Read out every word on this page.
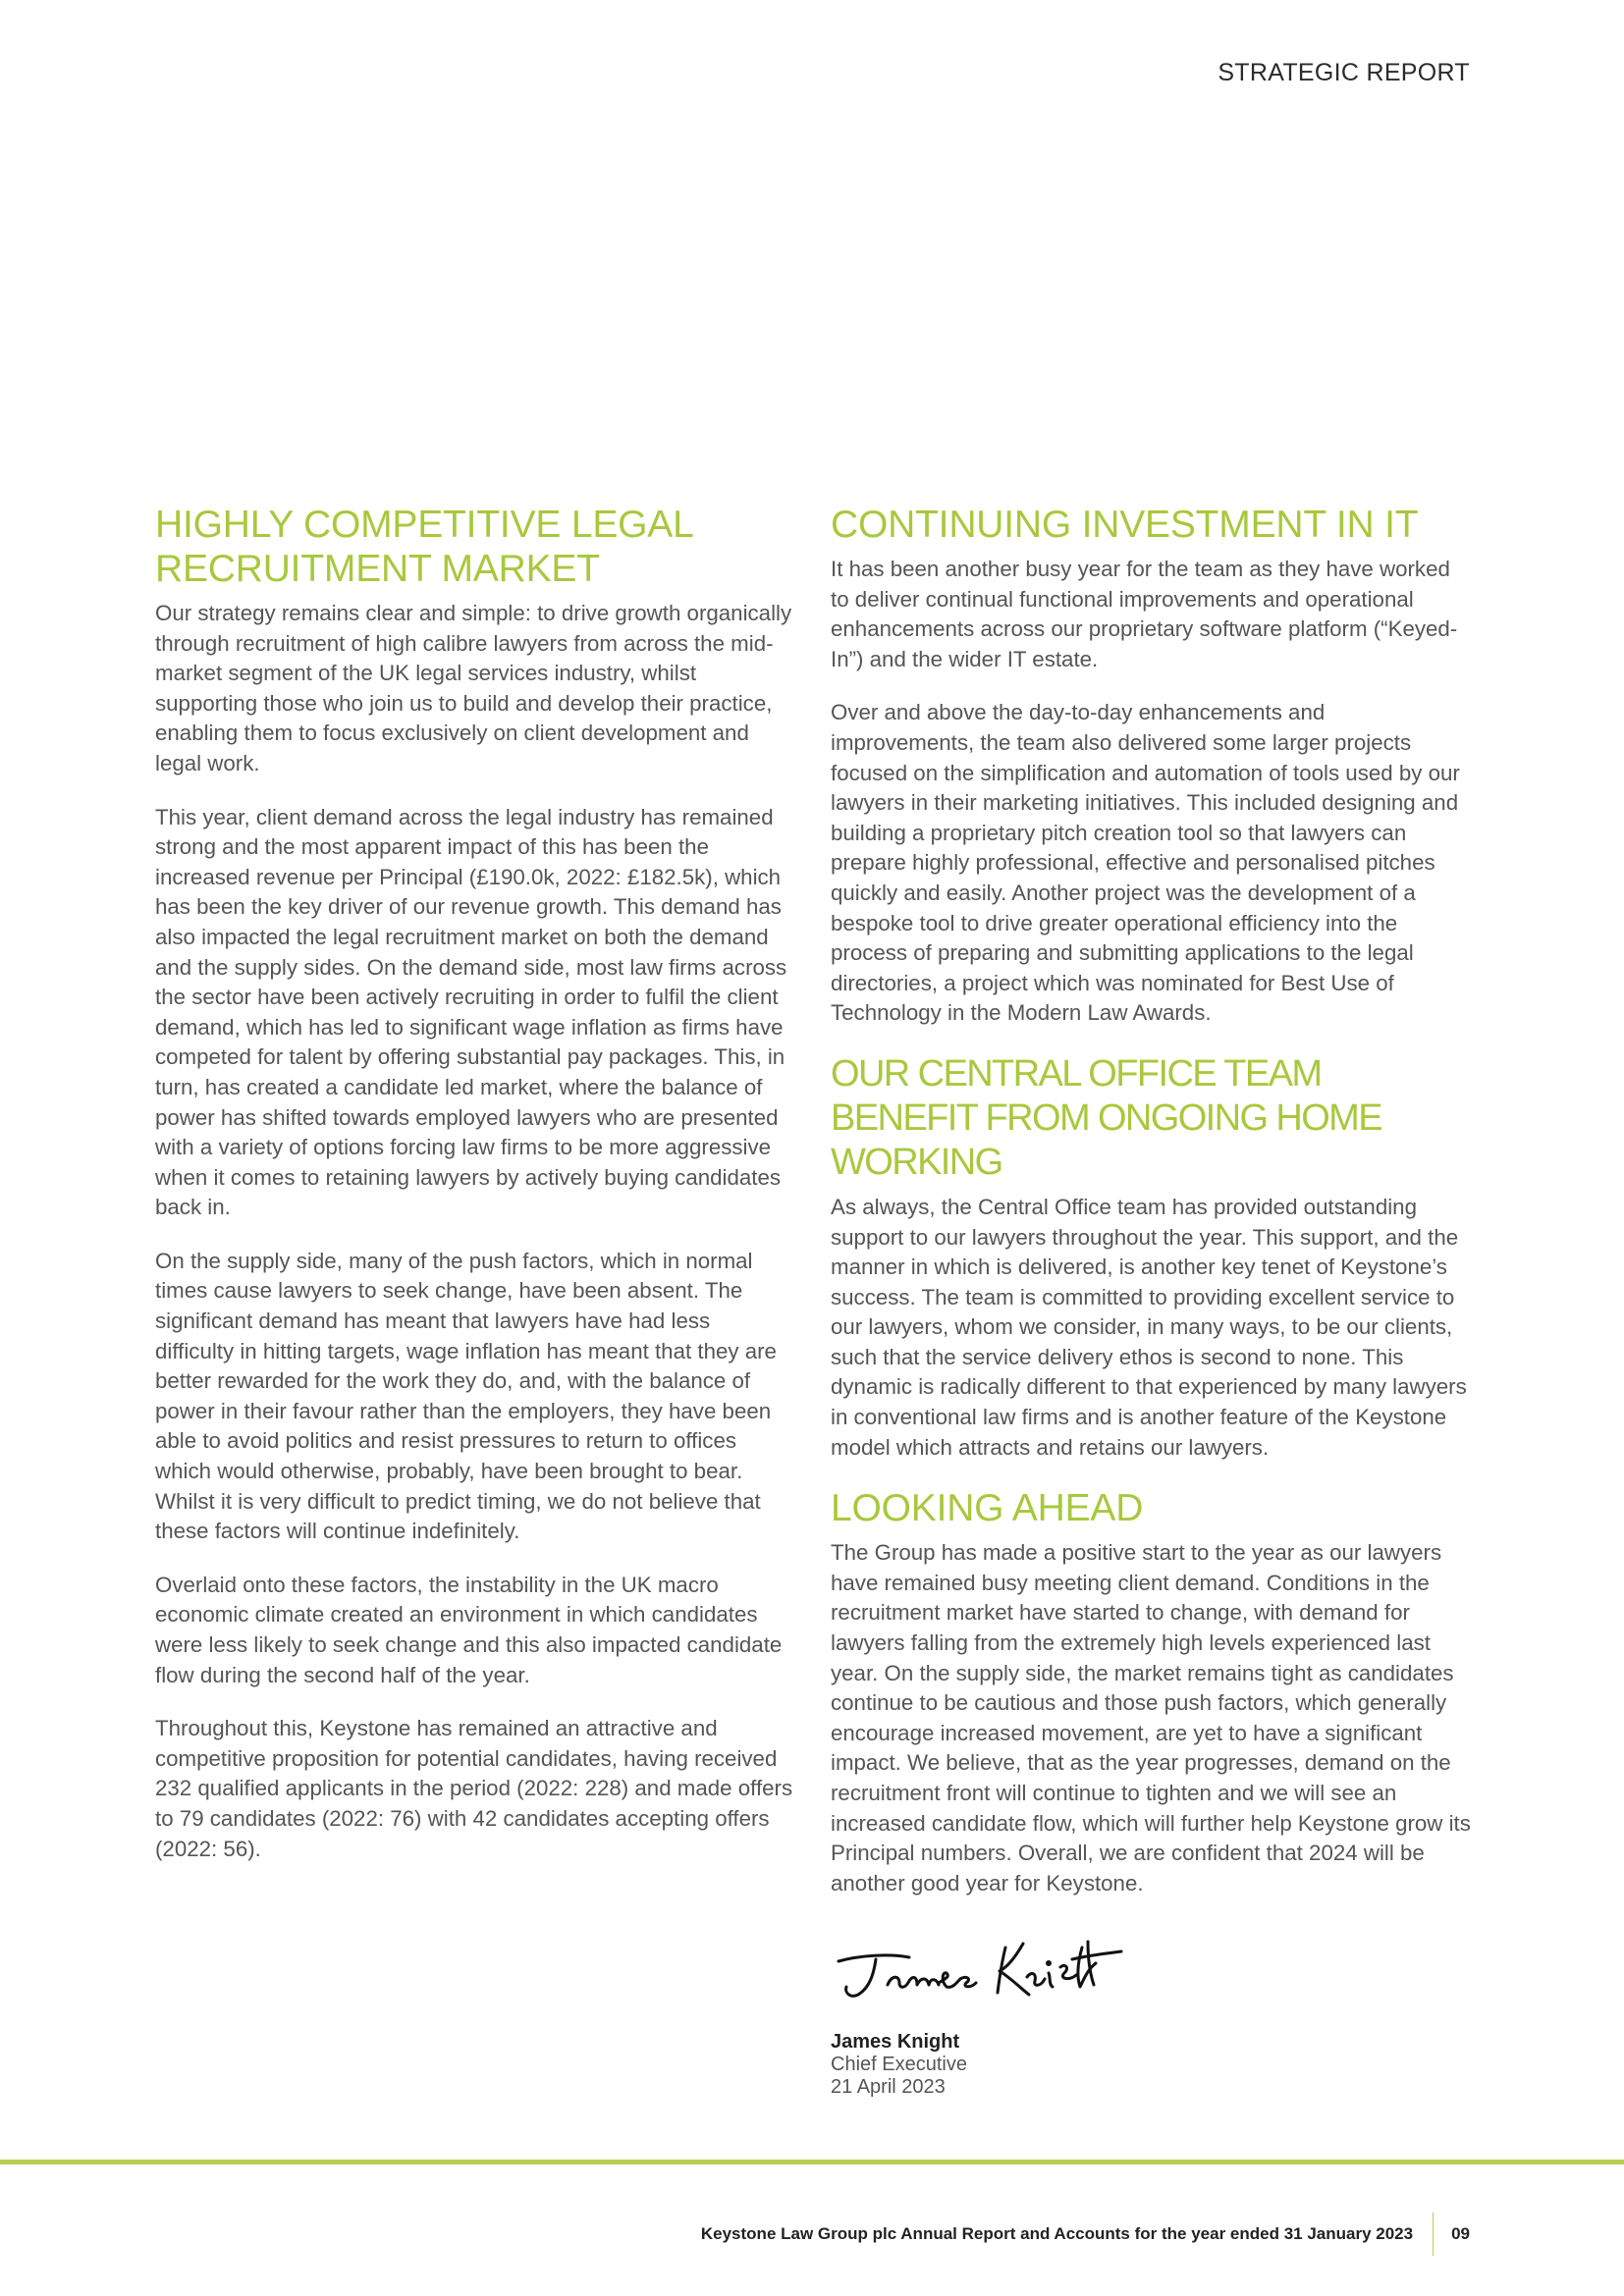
STRATEGIC REPORT
HIGHLY COMPETITIVE LEGAL RECRUITMENT MARKET

Our strategy remains clear and simple: to drive growth organically through recruitment of high calibre lawyers from across the mid-market segment of the UK legal services industry, whilst supporting those who join us to build and develop their practice, enabling them to focus exclusively on client development and legal work.

This year, client demand across the legal industry has remained strong and the most apparent impact of this has been the increased revenue per Principal (£190.0k, 2022: £182.5k), which has been the key driver of our revenue growth. This demand has also impacted the legal recruitment market on both the demand and the supply sides. On the demand side, most law firms across the sector have been actively recruiting in order to fulfil the client demand, which has led to significant wage inflation as firms have competed for talent by offering substantial pay packages. This, in turn, has created a candidate led market, where the balance of power has shifted towards employed lawyers who are presented with a variety of options forcing law firms to be more aggressive when it comes to retaining lawyers by actively buying candidates back in.

On the supply side, many of the push factors, which in normal times cause lawyers to seek change, have been absent. The significant demand has meant that lawyers have had less difficulty in hitting targets, wage inflation has meant that they are better rewarded for the work they do, and, with the balance of power in their favour rather than the employers, they have been able to avoid politics and resist pressures to return to offices which would otherwise, probably, have been brought to bear. Whilst it is very difficult to predict timing, we do not believe that these factors will continue indefinitely.

Overlaid onto these factors, the instability in the UK macro economic climate created an environment in which candidates were less likely to seek change and this also impacted candidate flow during the second half of the year.

Throughout this, Keystone has remained an attractive and competitive proposition for potential candidates, having received 232 qualified applicants in the period (2022: 228) and made offers to 79 candidates (2022: 76) with 42 candidates accepting offers (2022: 56).

CONTINUING INVESTMENT IN IT

It has been another busy year for the team as they have worked to deliver continual functional improvements and operational enhancements across our proprietary software platform (“Keyed-In”) and the wider IT estate.

Over and above the day-to-day enhancements and improvements, the team also delivered some larger projects focused on the simplification and automation of tools used by our lawyers in their marketing initiatives. This included designing and building a proprietary pitch creation tool so that lawyers can prepare highly professional, effective and personalised pitches quickly and easily. Another project was the development of a bespoke tool to drive greater operational efficiency into the process of preparing and submitting applications to the legal directories, a project which was nominated for Best Use of Technology in the Modern Law Awards.

OUR CENTRAL OFFICE TEAM BENEFIT FROM ONGOING HOME WORKING

As always, the Central Office team has provided outstanding support to our lawyers throughout the year. This support, and the manner in which is delivered, is another key tenet of Keystone’s success. The team is committed to providing excellent service to our lawyers, whom we consider, in many ways, to be our clients, such that the service delivery ethos is second to none. This dynamic is radically different to that experienced by many lawyers in conventional law firms and is another feature of the Keystone model which attracts and retains our lawyers.

LOOKING AHEAD

The Group has made a positive start to the year as our lawyers have remained busy meeting client demand. Conditions in the recruitment market have started to change, with demand for lawyers falling from the extremely high levels experienced last year. On the supply side, the market remains tight as candidates continue to be cautious and those push factors, which generally encourage increased movement, are yet to have a significant impact. We believe, that as the year progresses, demand on the recruitment front will continue to tighten and we will see an increased candidate flow, which will further help Keystone grow its Principal numbers. Overall, we are confident that 2024 will be another good year for Keystone.

James Knight
Chief Executive
21 April 2023
Keystone Law Group plc Annual Report and Accounts for the year ended 31 January 2023 09
